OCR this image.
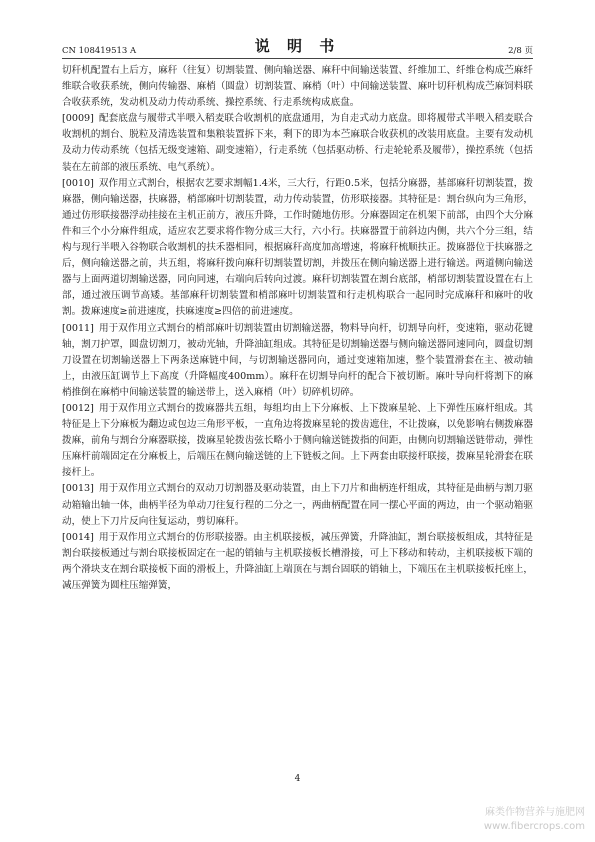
CN 108419513 A	说 明 书	2/8 页

切秆机配置右上后方，麻秆（往复）切割装置、侧向输送器、麻秆中间输送装置、纤维加工、纤维仓构成苎麻纤维联合收获系统，侧向传输器、麻梢（圆盘）切割装置、麻梢（叶）中间输送装置、麻叶切秆机构成苎麻饲料联合收获系统，发动机及动力传动系统、操控系统、行走系统构成底盘。

[0009] 配套底盘与履带式半喂入稻麦联合收割机的底盘通用，为自走式动力底盘。即将履带式半喂入稻麦联合收割机的割台、脱粒及清选装置和集粮装置拆下来，剩下的即为本苎麻联合收获机的改装用底盘。主要有发动机及动力传动系统（包括无级变速箱、副变速箱），行走系统（包括驱动桥、行走轮轮系及履带），操控系统（包括装在左前部的液压系统、电气系统）。

[0010] 双作用立式割台，根据农艺要求割幅1.4米，三大行，行距0.5米，包括分麻器，基部麻秆切割装置，拨麻器，侧向输送器，扶麻器，梢部麻叶切割装置，动力传动装置，仿形联接器。其特征是：割台纵向为三角形，通过仿形联接器浮动挂接在主机正前方，液压升降，工作时随地仿形。分麻器固定在机架下前部，由四个大分麻件和三个小分麻件组成，适应农艺要求将作物分成三大行，六小行。扶麻器置于前斜边内侧，共六个分三组，结构与现行半喂入谷物联合收割机的扶禾器相同，根据麻秆高度加高增速，将麻秆梳顺扶正。拨麻器位于扶麻器之后，侧向输送器之前，共五组，将麻秆拨向麻秆切割装置切割，并拨压在侧向输送器上进行输送。两道侧向输送器与上面两道切割输送器，同向同速，右端向后转向过渡。麻秆切割装置在割台底部，梢部切割装置设置在右上部，通过液压调节高矮。基部麻秆切割装置和梢部麻叶切割装置和行走机构联合一起同时完成麻秆和麻叶的收割。拨麻速度≥前进速度，扶麻速度≥四倍的前进速度。

[0011] 用于双作用立式割台的梢部麻叶切割装置由切割输送器，物料导向杆，切割导向杆，变速箱，驱动花键轴，割刀护罩，圆盘切割刀，被动光轴，升降油缸组成。其特征是切割输送器与侧向输送器同速同向，圆盘切割刀设置在切割输送器上下两条送麻链中间，与切割输送器同向，通过变速箱加速，整个装置滑套在主、被动轴上，由液压缸调节上下高度（升降幅度400mm）。麻秆在切割导向杆的配合下被切断。麻叶导向杆将割下的麻梢推倒在麻梢中间输送装置的输送带上，送入麻梢（叶）切碎机切碎。

[0012] 用于双作用立式割台的拨麻器共五组，每组均由上下分麻板、上下拨麻星轮、上下弹性压麻杆组成。其特征是上下分麻板为翻边或包边三角形平板，一直角边将拨麻星轮的拨齿遮住，不让拨麻，以免影响右侧拨麻器拨麻，前角与割台分麻器联接，拨麻星轮拨齿弦长略小于侧向输送链拨指的间距，由侧向切割输送链带动，弹性压麻杆前端固定在分麻板上，后端压在侧向输送链的上下链板之间。上下两套由联接杆联接，拨麻星轮滑套在联接杆上。

[0013] 用于双作用立式割台的双动刀切割器及驱动装置，由上下刀片和曲柄连杆组成，其特征是曲柄与割刀驱动箱输出轴一体，曲柄半径为单动刀往复行程的二分之一，两曲柄配置在同一摆心平面的两边，由一个驱动箱驱动，使上下刀片反向往复运动，剪切麻秆。

[0014] 用于双作用立式割台的仿形联接器。由主机联接板，减压弹簧，升降油缸，割台联接板组成，其特征是割台联接板通过与割台联接板固定在一起的销轴与主机联接板长槽滑接，可上下移动和转动，主机联接板下端的两个滑块支在割台联接板下面的滑板上，升降油缸上端顶在与割台固联的销轴上，下端压在主机联接板托座上，减压弹簧为圆柱压缩弹簧，

4
麻类作物营养与施肥网
www.fibercrops.com
